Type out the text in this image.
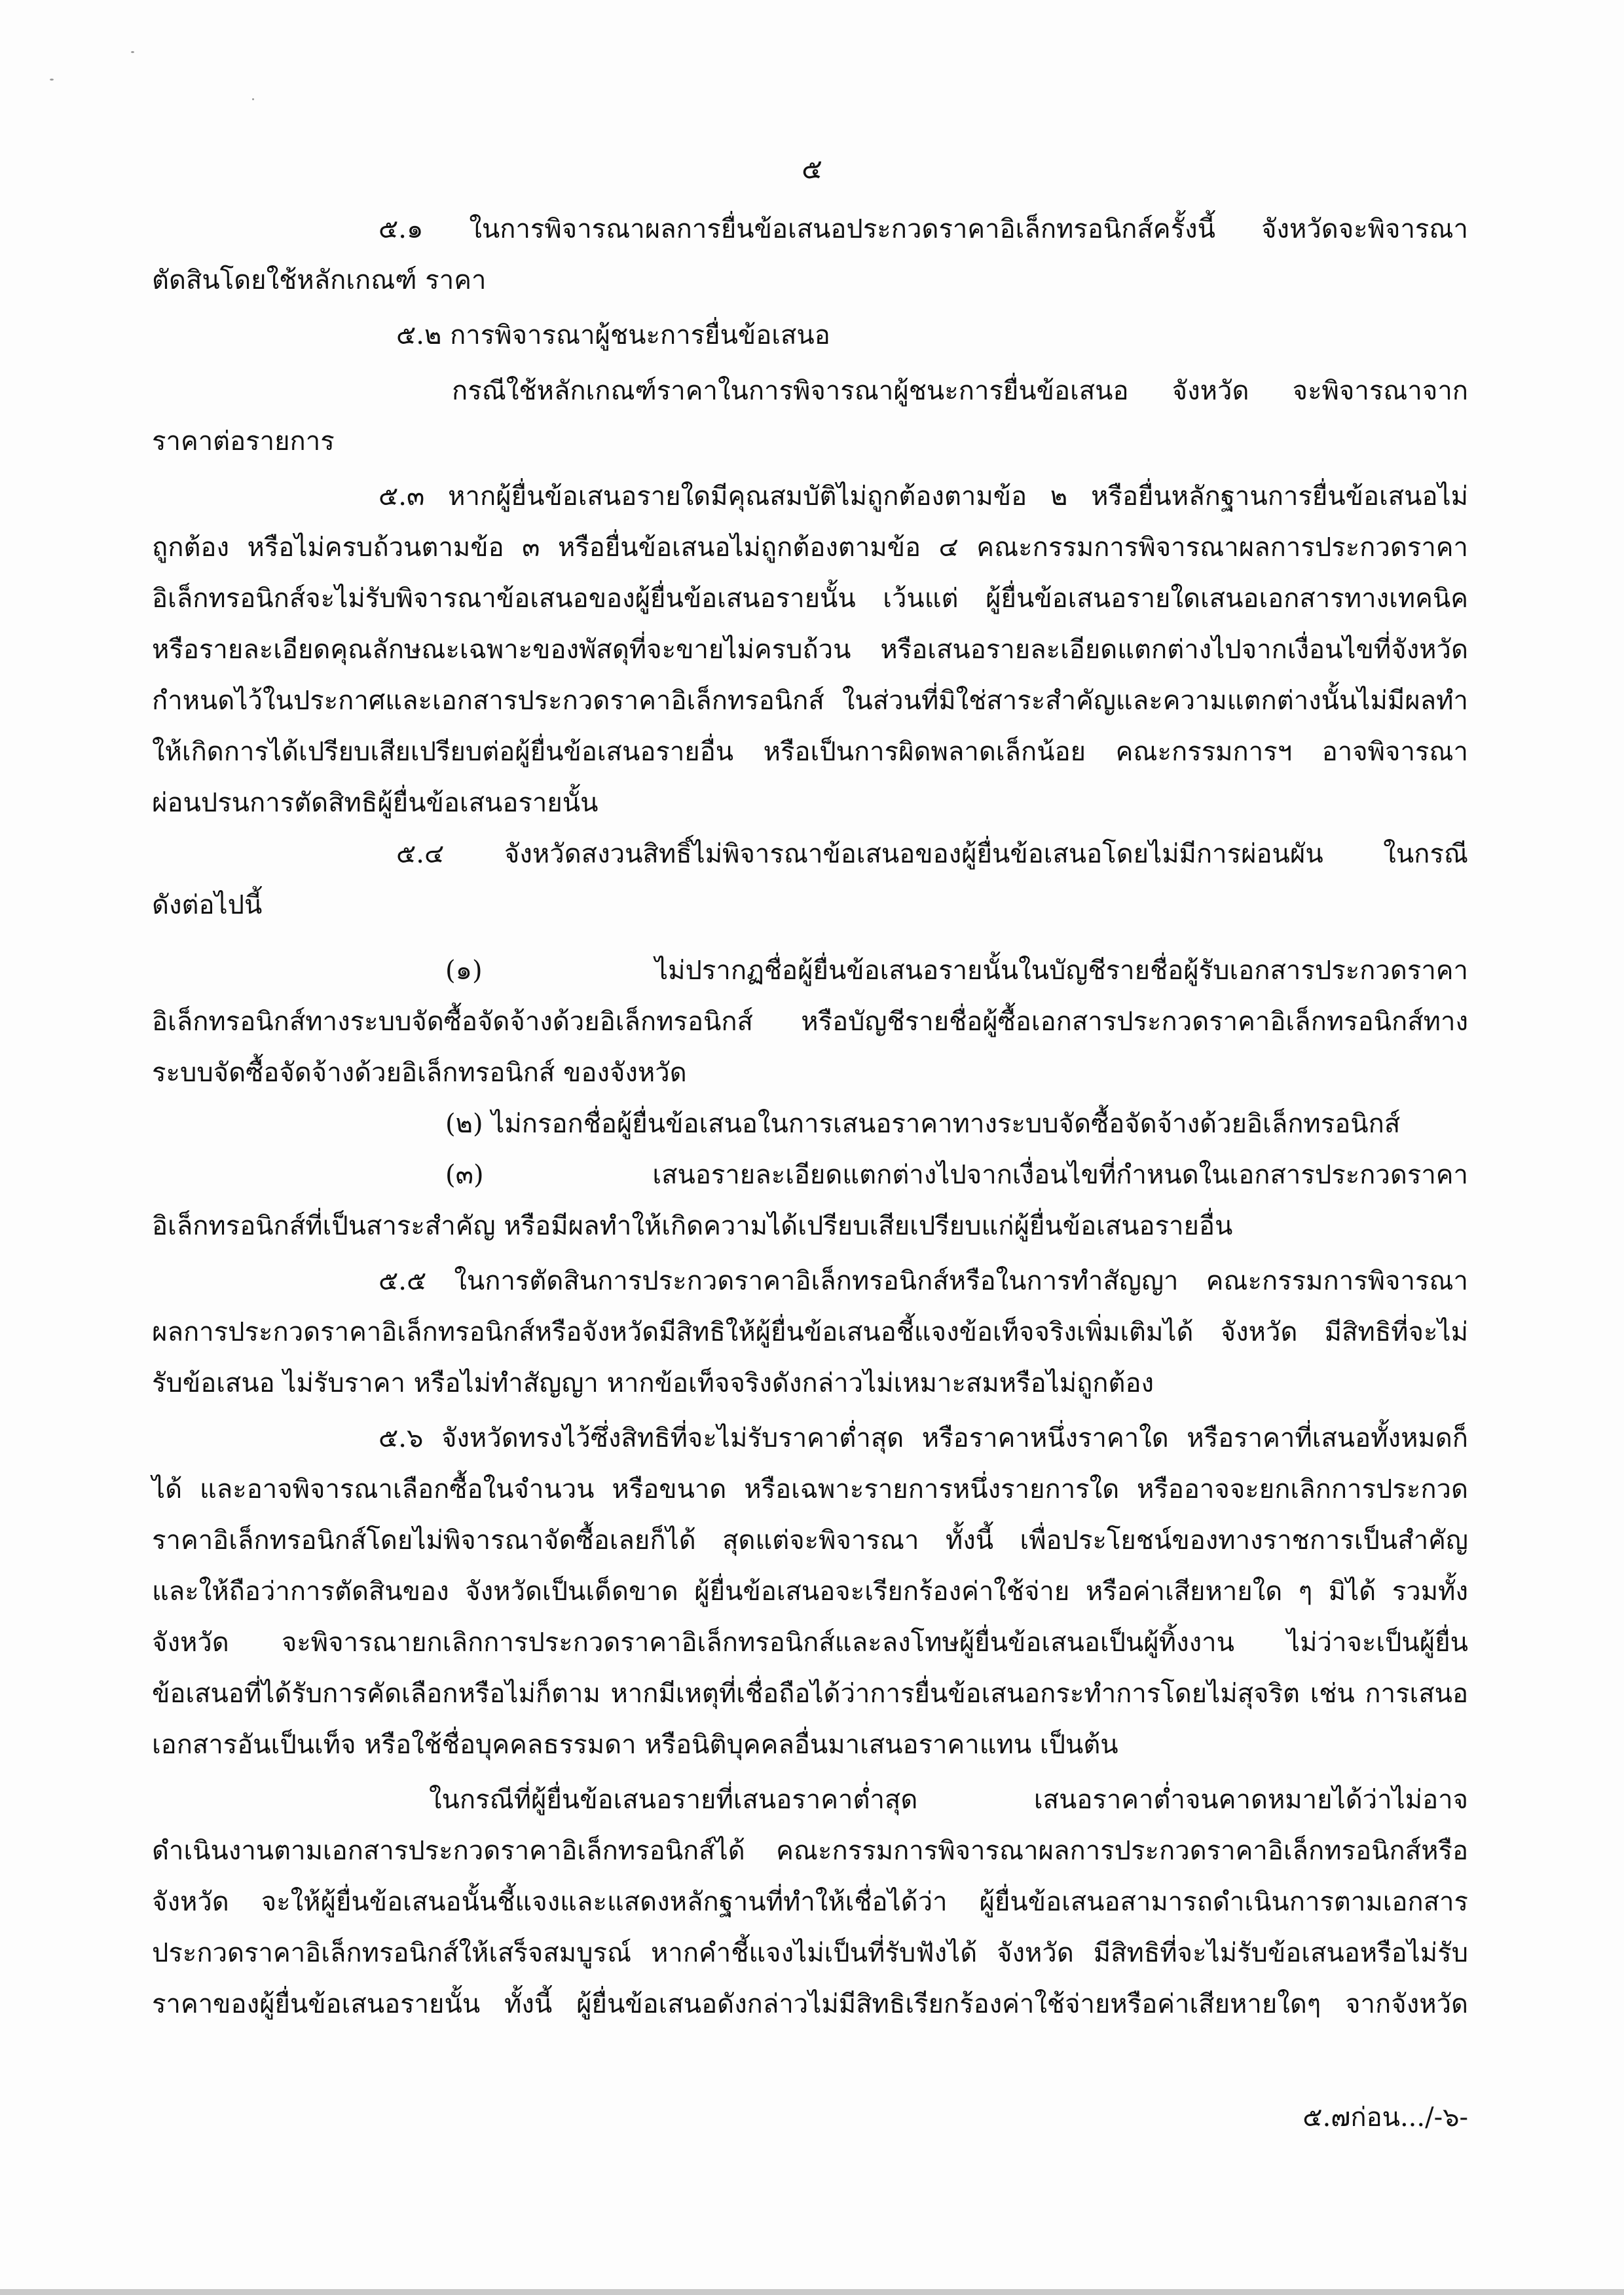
๕
๕.๑ ในการพิจารณาผลการยื่นข้อเสนอประกวดราคาอิเล็กทรอนิกส์ครั้งนี้ จังหวัดจะพิจารณา
ตัดสินโดยใช้หลักเกณฑ์ ราคา
๕.๒ การพิจารณาผู้ชนะการยื่นข้อเสนอ
กรณีใช้หลักเกณฑ์ราคาในการพิจารณาผู้ชนะการยื่นข้อเสนอ จังหวัด จะพิจารณาจาก
ราคาต่อรายการ
๕.๓ หากผู้ยื่นข้อเสนอรายใดมีคุณสมบัติไม่ถูกต้องตามข้อ ๒ หรือยื่นหลักฐานการยื่นข้อเสนอไม่
ถูกต้อง หรือไม่ครบถ้วนตามข้อ ๓ หรือยื่นข้อเสนอไม่ถูกต้องตามข้อ ๔ คณะกรรมการพิจารณาผลการประกวดราคา
อิเล็กทรอนิกส์จะไม่รับพิจารณาข้อเสนอของผู้ยื่นข้อเสนอรายนั้น เว้นแต่ ผู้ยื่นข้อเสนอรายใดเสนอเอกสารทางเทคนิค
หรือรายละเอียดคุณลักษณะเฉพาะของพัสดุที่จะขายไม่ครบถ้วน หรือเสนอรายละเอียดแตกต่างไปจากเงื่อนไขที่จังหวัด
กำหนดไว้ในประกาศและเอกสารประกวดราคาอิเล็กทรอนิกส์ ในส่วนที่มิใช่สาระสำคัญและความแตกต่างนั้นไม่มีผลทำ
ให้เกิดการได้เปรียบเสียเปรียบต่อผู้ยื่นข้อเสนอรายอื่น หรือเป็นการผิดพลาดเล็กน้อย คณะกรรมการฯ อาจพิจารณา
ผ่อนปรนการตัดสิทธิผู้ยื่นข้อเสนอรายนั้น
๕.๔ จังหวัดสงวนสิทธิ์ไม่พิจารณาข้อเสนอของผู้ยื่นข้อเสนอโดยไม่มีการผ่อนผัน ในกรณี
ดังต่อไปนี้
(๑) ไม่ปรากฏชื่อผู้ยื่นข้อเสนอรายนั้นในบัญชีรายชื่อผู้รับเอกสารประกวดราคา
อิเล็กทรอนิกส์ทางระบบจัดซื้อจัดจ้างด้วยอิเล็กทรอนิกส์ หรือบัญชีรายชื่อผู้ซื้อเอกสารประกวดราคาอิเล็กทรอนิกส์ทาง
ระบบจัดซื้อจัดจ้างด้วยอิเล็กทรอนิกส์ ของจังหวัด
(๒) ไม่กรอกชื่อผู้ยื่นข้อเสนอในการเสนอราคาทางระบบจัดซื้อจัดจ้างด้วยอิเล็กทรอนิกส์
(๓) เสนอรายละเอียดแตกต่างไปจากเงื่อนไขที่กำหนดในเอกสารประกวดราคา
อิเล็กทรอนิกส์ที่เป็นสาระสำคัญ หรือมีผลทำให้เกิดความได้เปรียบเสียเปรียบแก่ผู้ยื่นข้อเสนอรายอื่น
๕.๕ ในการตัดสินการประกวดราคาอิเล็กทรอนิกส์หรือในการทำสัญญา คณะกรรมการพิจารณา
ผลการประกวดราคาอิเล็กทรอนิกส์หรือจังหวัดมีสิทธิให้ผู้ยื่นข้อเสนอชี้แจงข้อเท็จจริงเพิ่มเติมได้ จังหวัด มีสิทธิที่จะไม่
รับข้อเสนอ ไม่รับราคา หรือไม่ทำสัญญา หากข้อเท็จจริงดังกล่าวไม่เหมาะสมหรือไม่ถูกต้อง
๕.๖ จังหวัดทรงไว้ซึ่งสิทธิที่จะไม่รับราคาต่ำสุด หรือราคาหนึ่งราคาใด หรือราคาที่เสนอทั้งหมดก็
ได้ และอาจพิจารณาเลือกซื้อในจำนวน หรือขนาด หรือเฉพาะรายการหนึ่งรายการใด หรืออาจจะยกเลิกการประกวด
ราคาอิเล็กทรอนิกส์โดยไม่พิจารณาจัดซื้อเลยก็ได้ สุดแต่จะพิจารณา ทั้งนี้ เพื่อประโยชน์ของทางราชการเป็นสำคัญ
และให้ถือว่าการตัดสินของ จังหวัดเป็นเด็ดขาด ผู้ยื่นข้อเสนอจะเรียกร้องค่าใช้จ่าย หรือค่าเสียหายใด ๆ มิได้ รวมทั้ง
จังหวัด จะพิจารณายกเลิกการประกวดราคาอิเล็กทรอนิกส์และลงโทษผู้ยื่นข้อเสนอเป็นผู้ทิ้งงาน ไม่ว่าจะเป็นผู้ยื่น
ข้อเสนอที่ได้รับการคัดเลือกหรือไม่ก็ตาม หากมีเหตุที่เชื่อถือได้ว่าการยื่นข้อเสนอกระทำการโดยไม่สุจริต เช่น การเสนอ
เอกสารอันเป็นเท็จ หรือใช้ชื่อบุคคลธรรมดา หรือนิติบุคคลอื่นมาเสนอราคาแทน เป็นต้น
ในกรณีที่ผู้ยื่นข้อเสนอรายที่เสนอราคาต่ำสุด เสนอราคาต่ำจนคาดหมายได้ว่าไม่อาจ
ดำเนินงานตามเอกสารประกวดราคาอิเล็กทรอนิกส์ได้ คณะกรรมการพิจารณาผลการประกวดราคาอิเล็กทรอนิกส์หรือ
จังหวัด จะให้ผู้ยื่นข้อเสนอนั้นชี้แจงและแสดงหลักฐานที่ทำให้เชื่อได้ว่า ผู้ยื่นข้อเสนอสามารถดำเนินการตามเอกสาร
ประกวดราคาอิเล็กทรอนิกส์ให้เสร็จสมบูรณ์ หากคำชี้แจงไม่เป็นที่รับฟังได้ จังหวัด มีสิทธิที่จะไม่รับข้อเสนอหรือไม่รับ
ราคาของผู้ยื่นข้อเสนอรายนั้น ทั้งนี้ ผู้ยื่นข้อเสนอดังกล่าวไม่มีสิทธิเรียกร้องค่าใช้จ่ายหรือค่าเสียหายใดๆ จากจังหวัด
๕.๗ก่อน.../-๖-
